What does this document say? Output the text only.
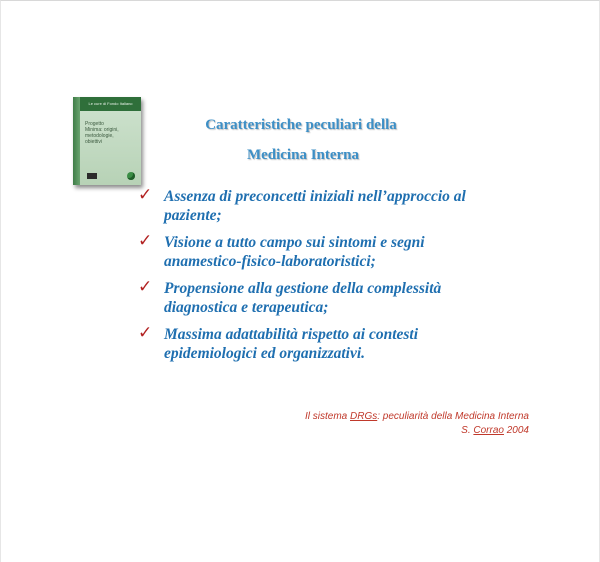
Le cure di Fondo Italiano
Progetto
Minima: origini,
metodologie,
obiettivi
Caratteristiche peculiari della
Medicina Interna
✓ Assenza di preconcetti iniziali nell’approccio al
paziente;
✓ Visione a tutto campo sui sintomi e segni
anamestico-fisico-laboratoristici;
✓ Propensione alla gestione della complessità
diagnostica e terapeutica;
✓ Massima adattabilità rispetto ai contesti
epidemiologici ed organizzativi.
Il sistema DRGs: peculiarità della Medicina Interna
S. Corrao 2004
